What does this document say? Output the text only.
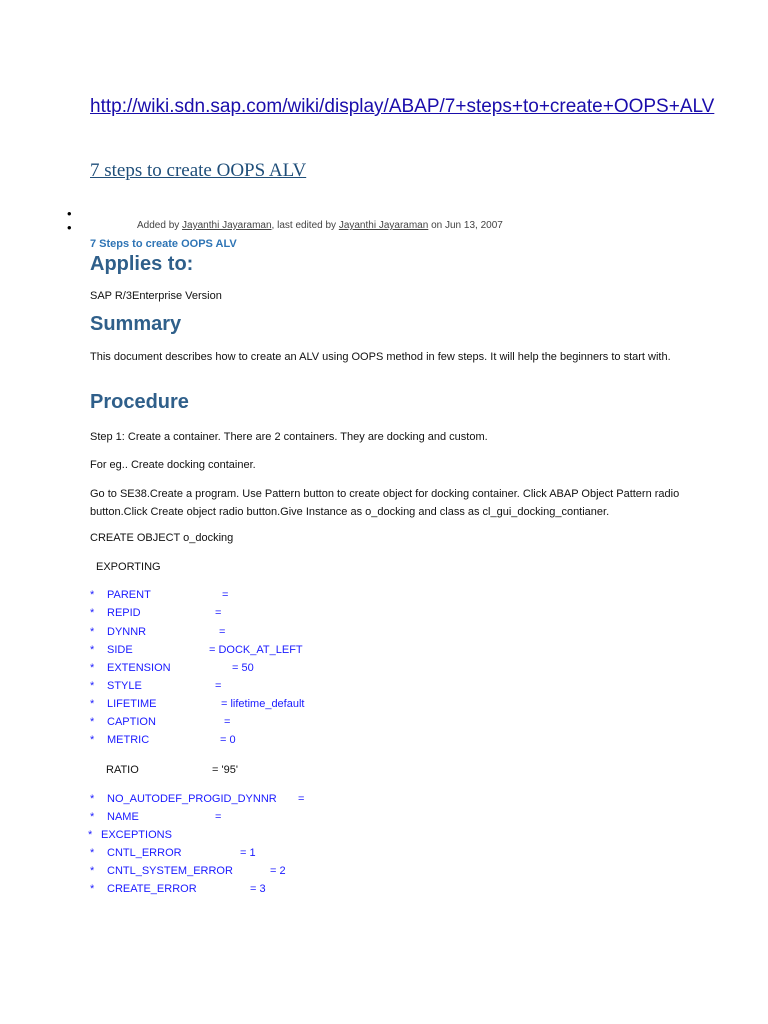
http://wiki.sdn.sap.com/wiki/display/ABAP/7+steps+to+create+OOPS+ALV
7 steps to create OOPS ALV
•
•	Added by Jayanthi Jayaraman, last edited by Jayanthi Jayaraman on Jun 13, 2007
7 Steps to create OOPS ALV
Applies to:
SAP R/3Enterprise Version
Summary
This document describes how to create an ALV using OOPS method in few steps. It will help the beginners to start with.
Procedure
Step 1: Create a container. There are 2 containers. They are docking and custom.
For eg.. Create docking container.
Go to SE38.Create a program. Use Pattern button to create object for docking container. Click ABAP Object Pattern radio button.Click Create object radio button.Give Instance as o_docking and class as cl_gui_docking_contianer.
CREATE OBJECT o_docking
EXPORTING
* PARENT	=
* REPID	=
* DYNNR	=
* SIDE	= DOCK_AT_LEFT
* EXTENSION	= 50
* STYLE	=
* LIFETIME	= lifetime_default
* CAPTION	=
* METRIC	= 0
RATIO	= '95'
* NO_AUTODEF_PROGID_DYNNR =
* NAME	=
* EXCEPTIONS
* CNTL_ERROR	= 1
* CNTL_SYSTEM_ERROR	= 2
* CREATE_ERROR	= 3
